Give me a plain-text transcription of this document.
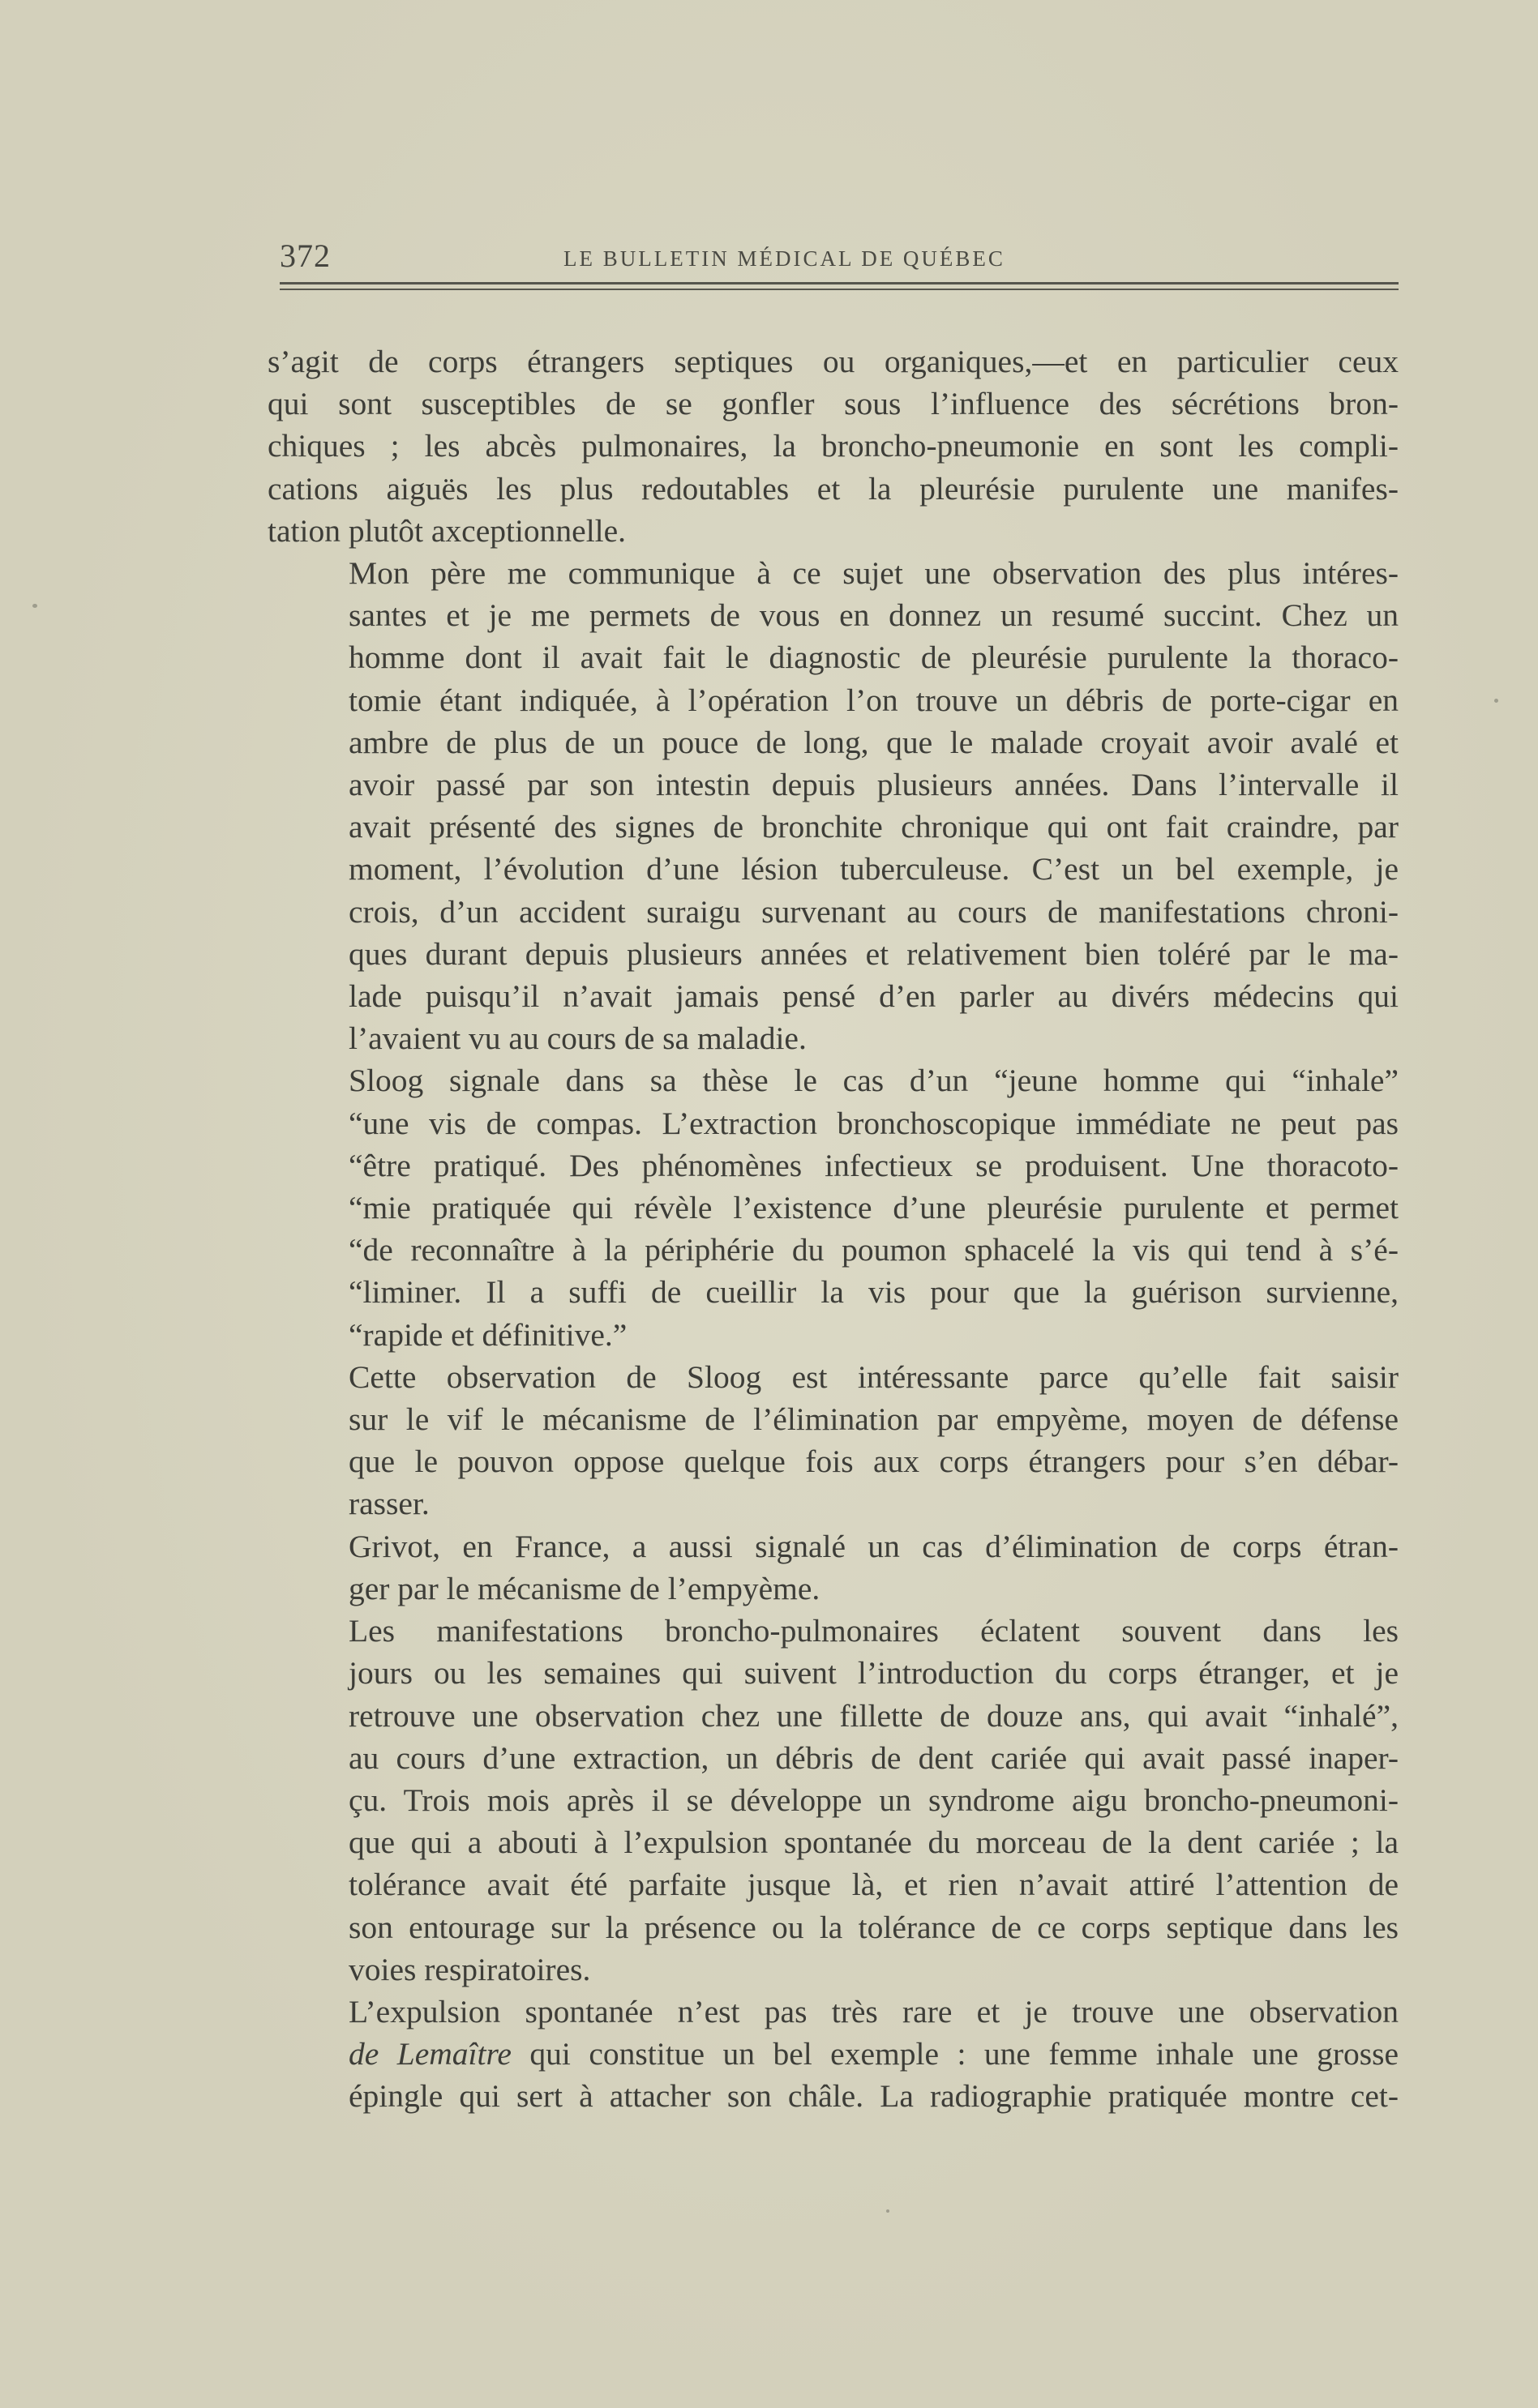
372	LE BULLETIN MÉDICAL DE QUÉBEC

s’agit de corps étrangers septiques ou organiques,—et en particulier ceux
qui sont susceptibles de se gonfler sous l’influence des sécrétions bron-
chiques ; les abcès pulmonaires, la broncho-pneumonie en sont les compli-
cations aiguës les plus redoutables et la pleurésie purulente une manifes-
tation plutôt axceptionnelle.

Mon père me communique à ce sujet une observation des plus intéres-
santes et je me permets de vous en donnez un resumé succint. Chez un
homme dont il avait fait le diagnostic de pleurésie purulente la thoraco-
tomie étant indiquée, à l’opération l’on trouve un débris de porte-cigar en
ambre de plus de un pouce de long, que le malade croyait avoir avalé et
avoir passé par son intestin depuis plusieurs années. Dans l’intervalle il
avait présenté des signes de bronchite chronique qui ont fait craindre, par
moment, l’évolution d’une lésion tuberculeuse. C’est un bel exemple, je
crois, d’un accident suraigu survenant au cours de manifestations chroni-
ques durant depuis plusieurs années et relativement bien toléré par le ma-
lade puisqu’il n’avait jamais pensé d’en parler au divérs médecins qui
l’avaient vu au cours de sa maladie.

Sloog signale dans sa thèse le cas d’un “jeune homme qui “inhale”
“une vis de compas. L’extraction bronchoscopique immédiate ne peut pas
“être pratiqué. Des phénomènes infectieux se produisent. Une thoracoto-
“mie pratiquée qui révèle l’existence d’une pleurésie purulente et permet
“de reconnaître à la périphérie du poumon sphacelé la vis qui tend à s’é-
“liminer. Il a suffi de cueillir la vis pour que la guérison survienne,
“rapide et définitive.”

Cette observation de Sloog est intéressante parce qu’elle fait saisir
sur le vif le mécanisme de l’élimination par empyème, moyen de défense
que le pouvon oppose quelque fois aux corps étrangers pour s’en débar-
rasser.

Grivot, en France, a aussi signalé un cas d’élimination de corps étran-
ger par le mécanisme de l’empyème.

Les manifestations broncho-pulmonaires éclatent souvent dans les
jours ou les semaines qui suivent l’introduction du corps étranger, et je
retrouve une observation chez une fillette de douze ans, qui avait “inhalé”,
au cours d’une extraction, un débris de dent cariée qui avait passé inaper-
çu. Trois mois après il se développe un syndrome aigu broncho-pneumoni-
que qui a abouti à l’expulsion spontanée du morceau de la dent cariée ; la
tolérance avait été parfaite jusque là, et rien n’avait attiré l’attention de
son entourage sur la présence ou la tolérance de ce corps septique dans les
voies respiratoires.

L’expulsion spontanée n’est pas très rare et je trouve une observation
de Lemaître qui constitue un bel exemple : une femme inhale une grosse
épingle qui sert à attacher son châle. La radiographie pratiquée montre cet-
